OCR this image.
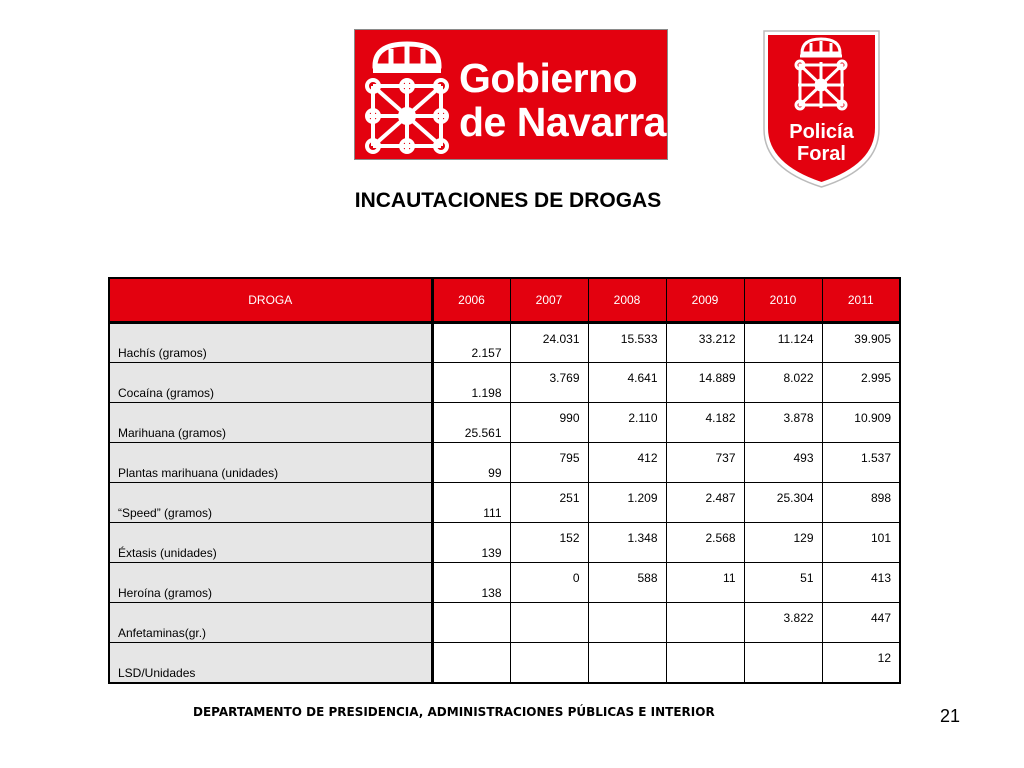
Gobierno
de Navarra	Policía
Foral
INCAUTACIONES DE DROGAS
DROGA	2006	2007	2008	2009	2010	2011
Hachís (gramos)	2.157	24.031	15.533	33.212	11.124	39.905
Cocaína (gramos)	1.198	3.769	4.641	14.889	8.022	2.995
Marihuana (gramos)	25.561	990	2.110	4.182	3.878	10.909
Plantas marihuana (unidades)	99	795	412	737	493	1.537
“Speed” (gramos)	111	251	1.209	2.487	25.304	898
Éxtasis (unidades)	139	152	1.348	2.568	129	101
Heroína (gramos)	138	0	588	11	51	413
Anfetaminas(gr.)					3.822	447
LSD/Unidades						12
DEPARTAMENTO DE PRESIDENCIA, ADMINISTRACIONES PÚBLICAS E INTERIOR	21
